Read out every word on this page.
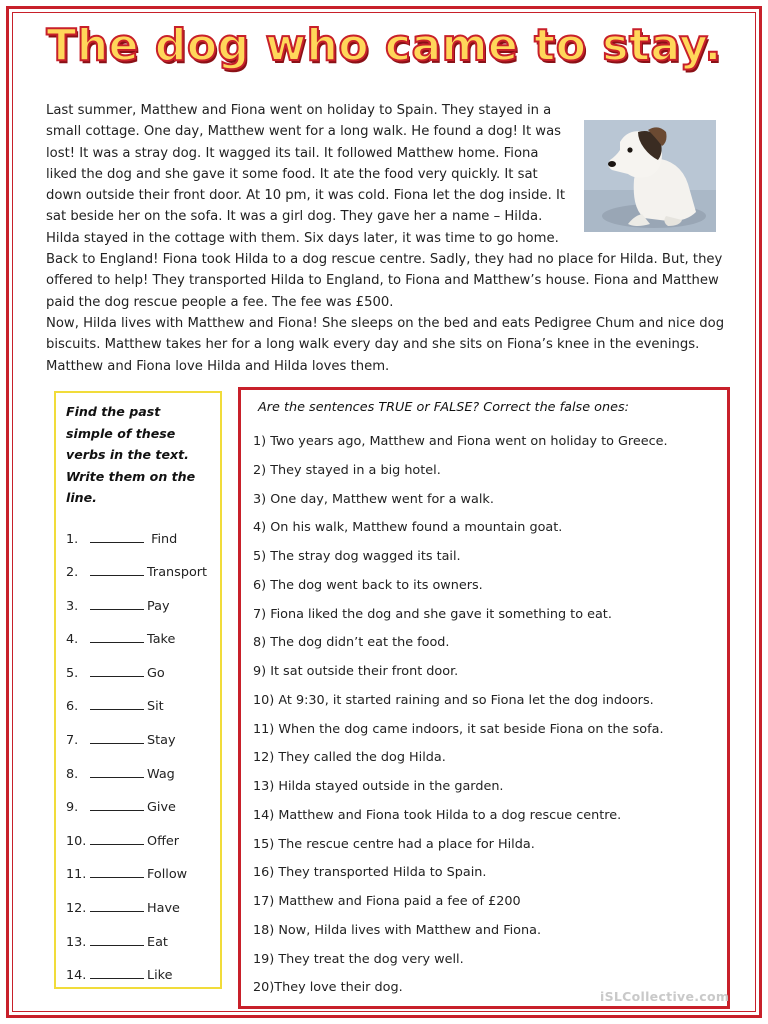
The dog who came to stay.

Last summer, Matthew and Fiona went on holiday to Spain. They stayed in a small cottage. One day, Matthew went for a long walk. He found a dog! It was lost! It was a stray dog. It wagged its tail. It followed Matthew home. Fiona liked the dog and she gave it some food. It ate the food very quickly. It sat down outside their front door. At 10 pm, it was cold. Fiona let the dog inside. It sat beside her on the sofa. It was a girl dog. They gave her a name – Hilda. Hilda stayed in the cottage with them. Six days later, it was time to go home. Back to England! Fiona took Hilda to a dog rescue centre. Sadly, they had no place for Hilda. But, they offered to help! They transported Hilda to England, to Fiona and Matthew’s house. Fiona and Matthew paid the dog rescue people a fee. The fee was £500.

Now, Hilda lives with Matthew and Fiona! She sleeps on the bed and eats Pedigree Chum and nice dog biscuits. Matthew takes her for a long walk every day and she sits on Fiona’s knee in the evenings. Matthew and Fiona love Hilda and Hilda loves them.

Find the past simple of these verbs in the text. Write them on the line.
1.	Find
2.	Transport
3.	Pay
4.	Take
5.	Go
6.	Sit
7.	Stay
8.	Wag
9.	Give
10.	Offer
11.	Follow
12.	Have
13.	Eat
14.	Like
Are the sentences TRUE or FALSE? Correct the false ones:
1) Two years ago, Matthew and Fiona went on holiday to Greece.
2) They stayed in a big hotel.
3) One day, Matthew went for a walk.
4) On his walk, Matthew found a mountain goat.
5) The stray dog wagged its tail.
6) The dog went back to its owners.
7) Fiona liked the dog and she gave it something to eat.
8) The dog didn’t eat the food.
9) It sat outside their front door.
10) At 9:30, it started raining and so Fiona let the dog indoors.
11) When the dog came indoors, it sat beside Fiona on the sofa.
12) They called the dog Hilda.
13) Hilda stayed outside in the garden.
14) Matthew and Fiona took Hilda to a dog rescue centre.
15) The rescue centre had a place for Hilda.
16) They transported Hilda to Spain.
17) Matthew and Fiona paid a fee of £200
18) Now, Hilda lives with Matthew and Fiona.
19) They treat the dog very well.
20)They love their dog.
iSLCollective.com
